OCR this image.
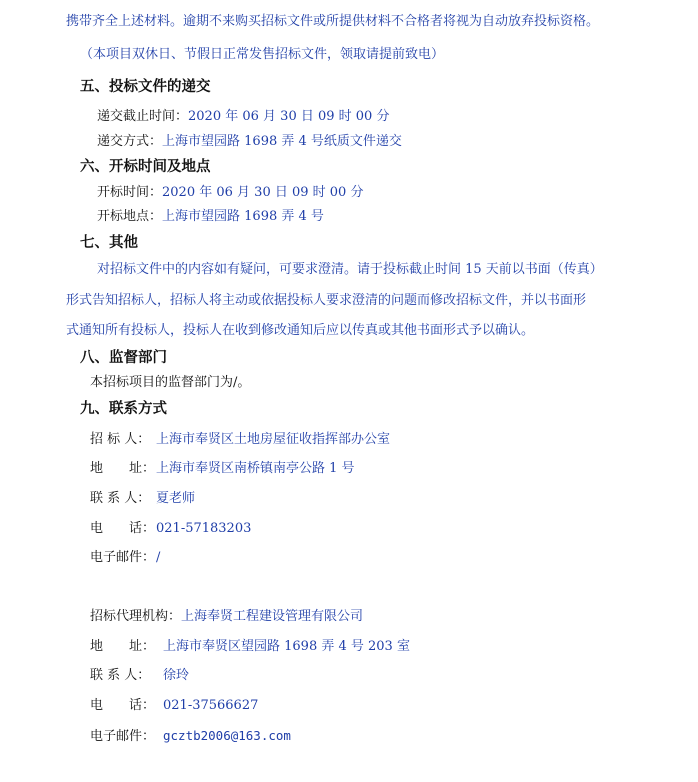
携带齐全上述材料。逾期不来购买招标文件或所提供材料不合格者将视为自动放弃投标资格。
（本项目双休日、节假日正常发售招标文件，领取请提前致电）
五、投标文件的递交
递交截止时间：2020 年 06 月 30 日 09 时 00 分
递交方式：上海市望园路 1698 弄 4 号纸质文件递交
六、开标时间及地点
开标时间：2020 年 06 月 30 日 09 时 00 分
开标地点：上海市望园路 1698 弄 4 号
七、其他
对招标文件中的内容如有疑问，可要求澄清。请于投标截止时间 15 天前以书面（传真）
形式告知招标人，招标人将主动或依据投标人要求澄清的问题而修改招标文件，并以书面形
式通知所有投标人，投标人在收到修改通知后应以传真或其他书面形式予以确认。
八、监督部门
本招标项目的监督部门为/。
九、联系方式
招 标 人： 上海市奉贤区土地房屋征收指挥部办公室
地　　址：上海市奉贤区南桥镇南亭公路 1 号
联 系 人： 夏老师
电　　话：021-57183203
电子邮件：/
招标代理机构：上海奉贤工程建设管理有限公司
地　　址： 上海市奉贤区望园路 1698 弄 4 号 203 室
联 系 人： 徐玲
电　　话： 021-37566627
电子邮件： gcztb2006@163.com
